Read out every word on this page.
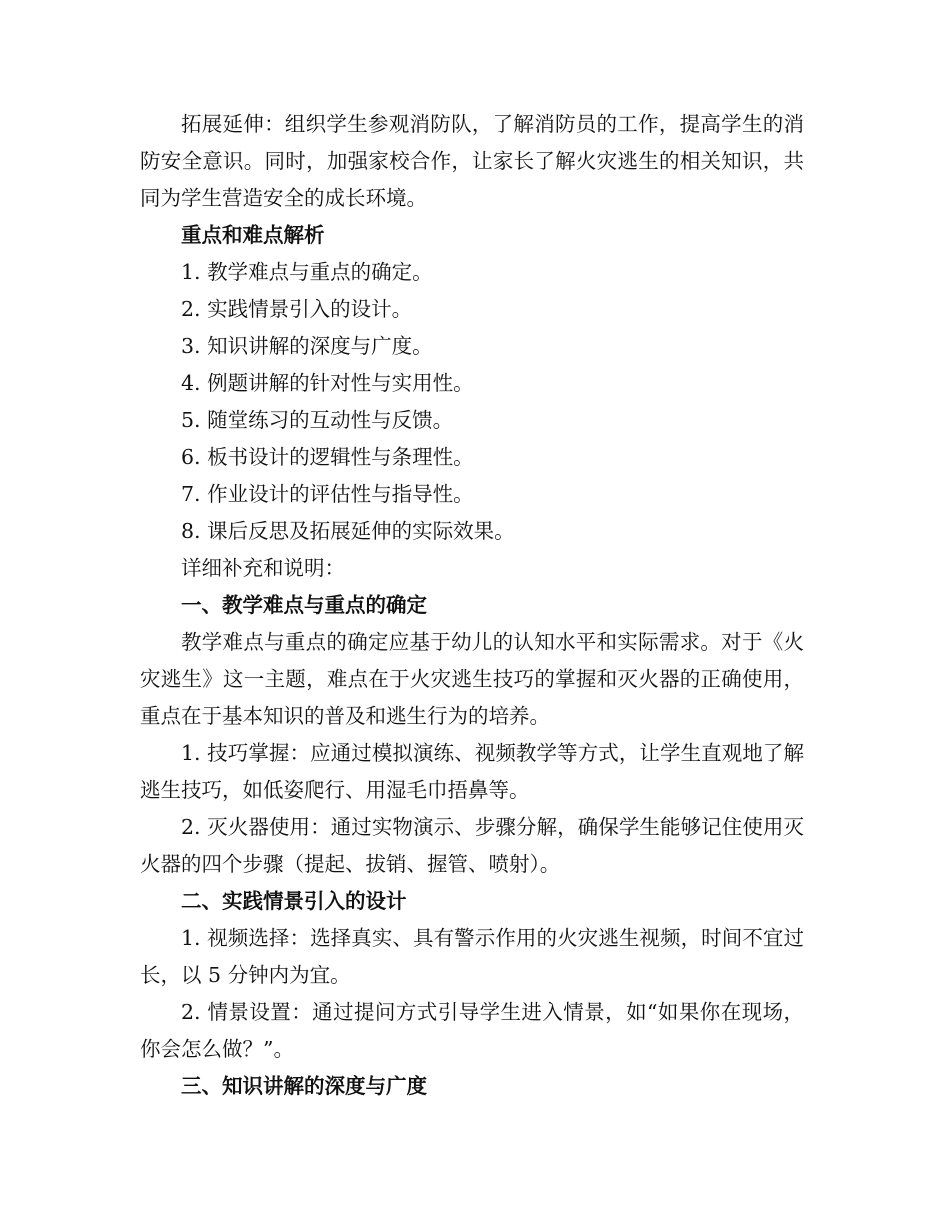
拓展延伸：组织学生参观消防队，了解消防员的工作，提高学生的消防安全意识。同时，加强家校合作，让家长了解火灾逃生的相关知识，共同为学生营造安全的成长环境。

重点和难点解析

1. 教学难点与重点的确定。

2. 实践情景引入的设计。

3. 知识讲解的深度与广度。

4. 例题讲解的针对性与实用性。

5. 随堂练习的互动性与反馈。

6. 板书设计的逻辑性与条理性。

7. 作业设计的评估性与指导性。

8. 课后反思及拓展延伸的实际效果。

详细补充和说明：

一、教学难点与重点的确定

教学难点与重点的确定应基于幼儿的认知水平和实际需求。对于《火灾逃生》这一主题，难点在于火灾逃生技巧的掌握和灭火器的正确使用，重点在于基本知识的普及和逃生行为的培养。

1. 技巧掌握：应通过模拟演练、视频教学等方式，让学生直观地了解逃生技巧，如低姿爬行、用湿毛巾捂鼻等。

2. 灭火器使用：通过实物演示、步骤分解，确保学生能够记住使用灭火器的四个步骤（提起、拔销、握管、喷射）。

二、实践情景引入的设计

1. 视频选择：选择真实、具有警示作用的火灾逃生视频，时间不宜过长，以 5 分钟内为宜。

2. 情景设置：通过提问方式引导学生进入情景，如“如果你在现场，你会怎么做？”。

三、知识讲解的深度与广度
